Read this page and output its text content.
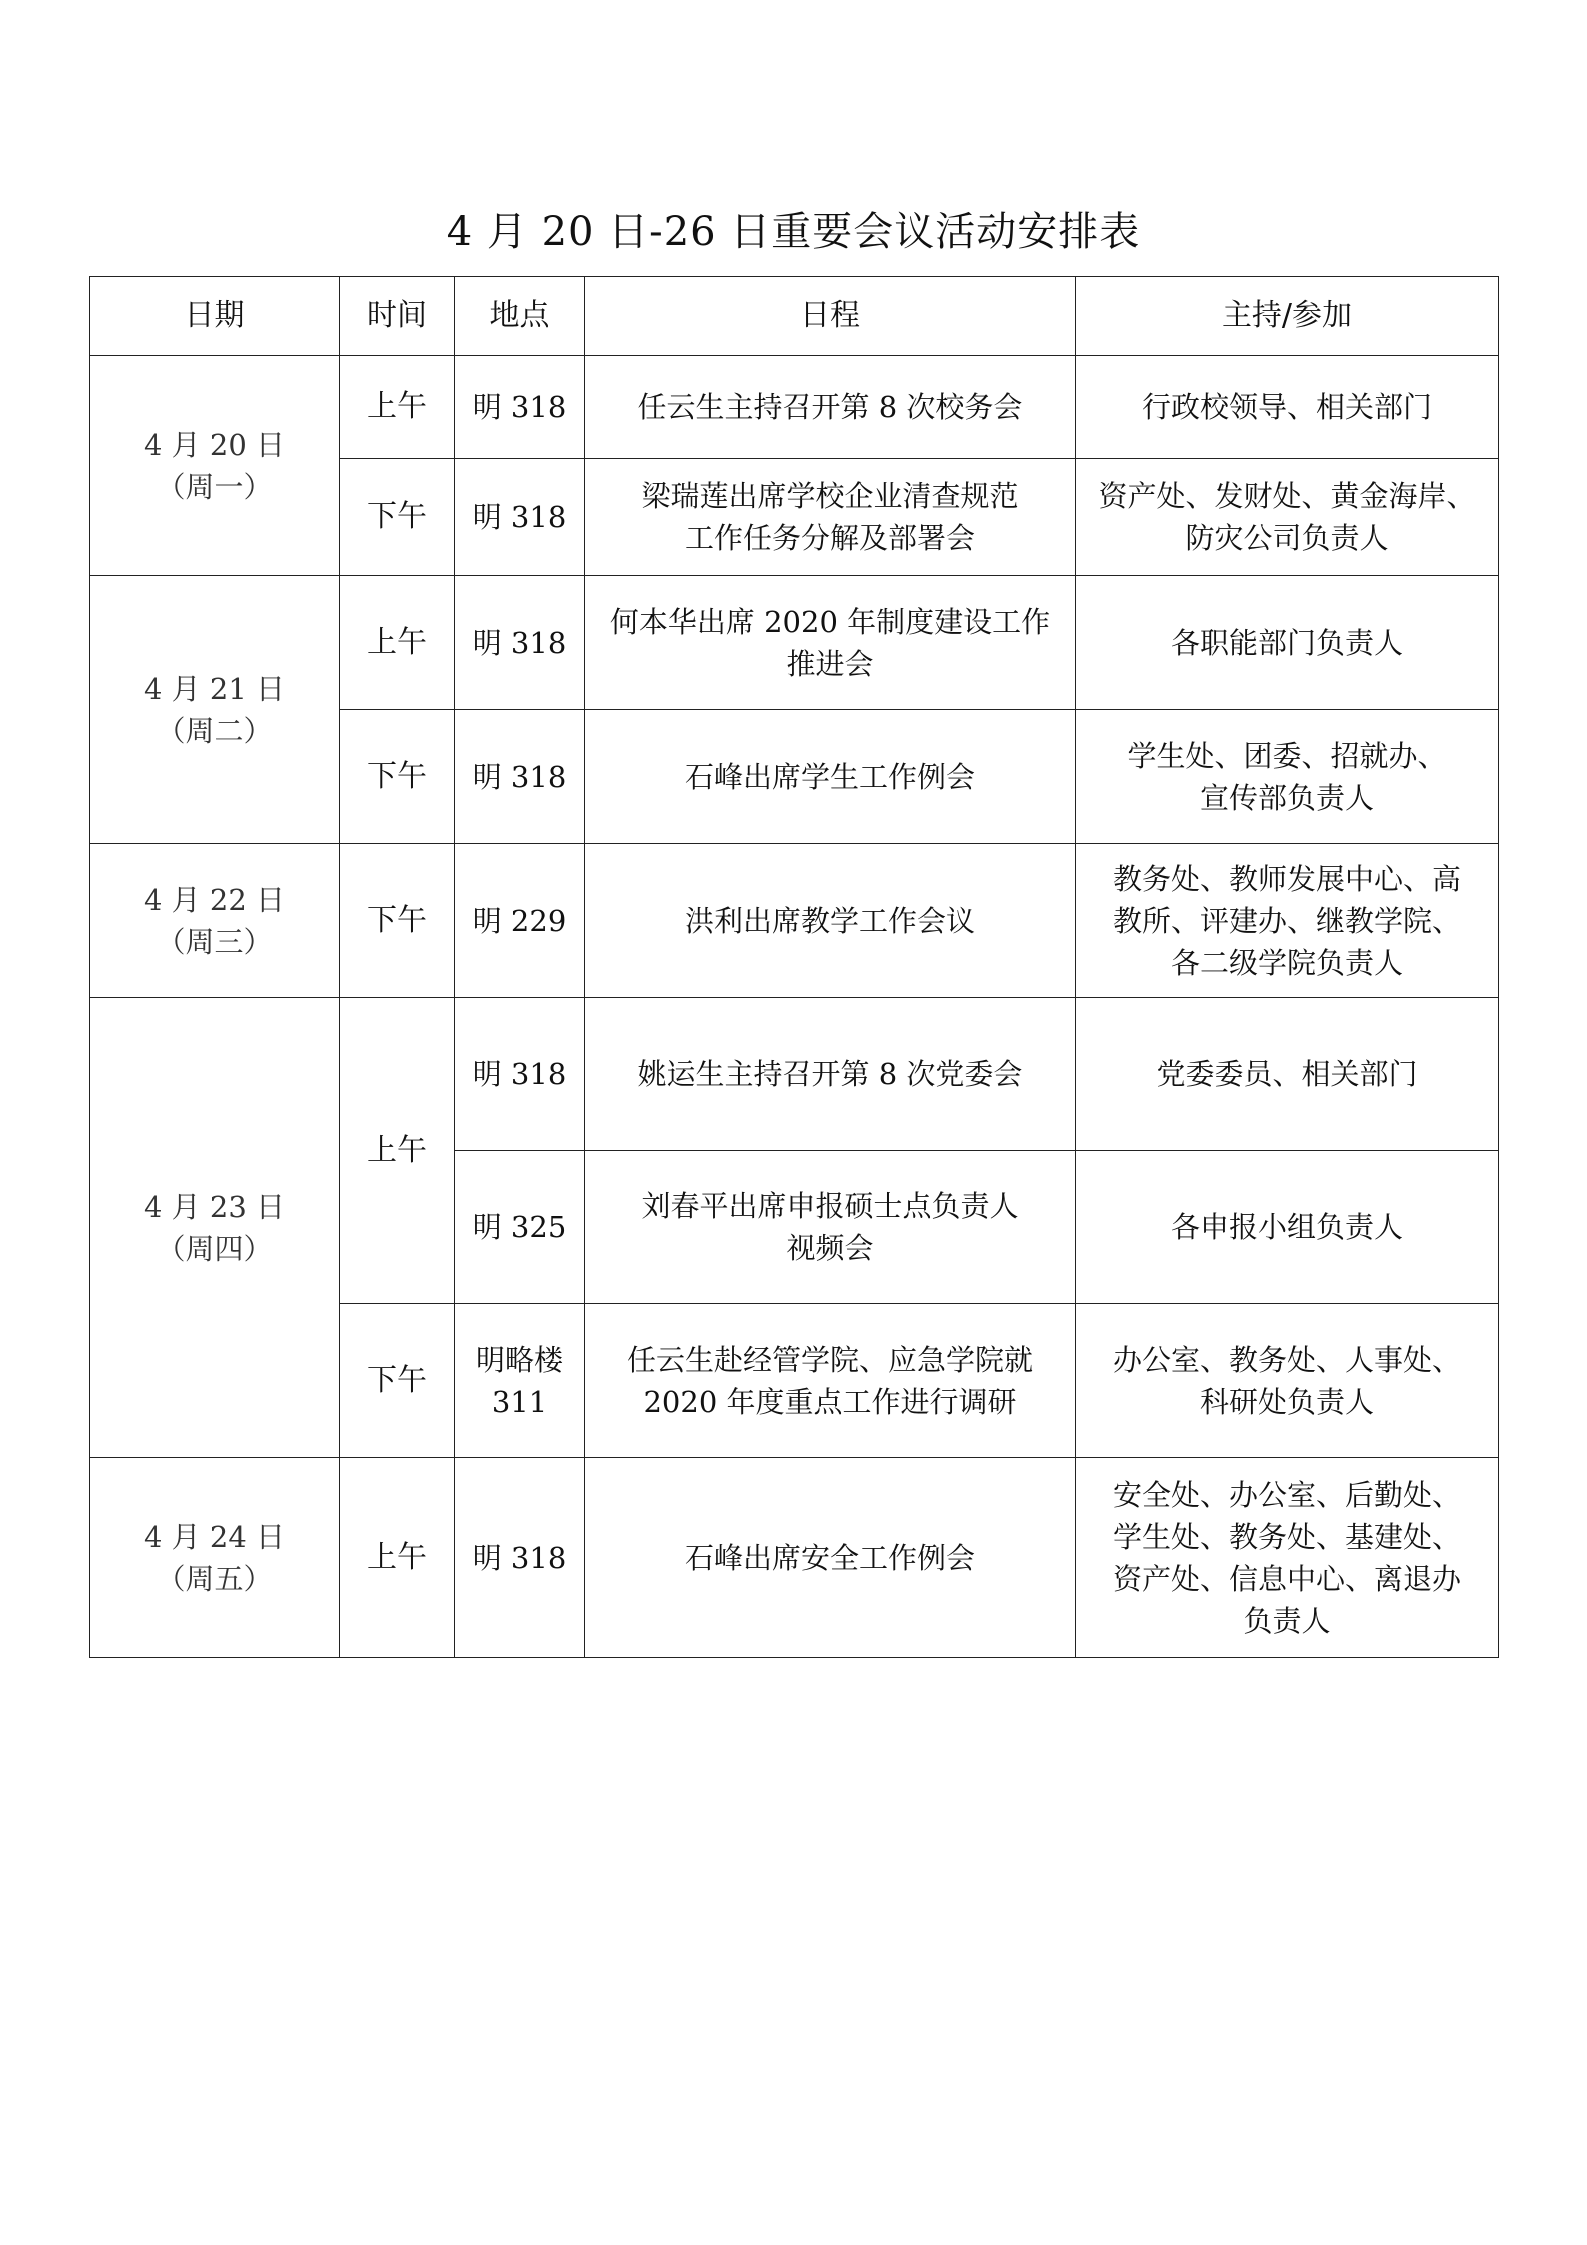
4 月 20 日-26 日重要会议活动安排表
日期	时间	地点	日程	主持/参加

4 月 20 日
（周一）	上午	明 318	任云生主持召开第 8 次校务会	行政校领导、相关部门

	下午	明 318	梁瑞莲出席学校企业清查规范
工作任务分解及部署会	资产处、发财处、黄金海岸、
防灾公司负责人

4 月 21 日
（周二）	上午	明 318	何本华出席 2020 年制度建设工作
推进会	各职能部门负责人

	下午	明 318	石峰出席学生工作例会	学生处、团委、招就办、
宣传部负责人

4 月 22 日
（周三）	下午	明 229	洪利出席教学工作会议	教务处、教师发展中心、高
教所、评建办、继教学院、
各二级学院负责人

4 月 23 日
（周四）	上午	明 318	姚运生主持召开第 8 次党委会	党委委员、相关部门

		明 325	刘春平出席申报硕士点负责人
视频会	各申报小组负责人

	下午	明略楼
311	任云生赴经管学院、应急学院就
2020 年度重点工作进行调研	办公室、教务处、人事处、
科研处负责人

4 月 24 日
（周五）	上午	明 318	石峰出席安全工作例会	安全处、办公室、后勤处、
学生处、教务处、基建处、
资产处、信息中心、离退办
负责人
